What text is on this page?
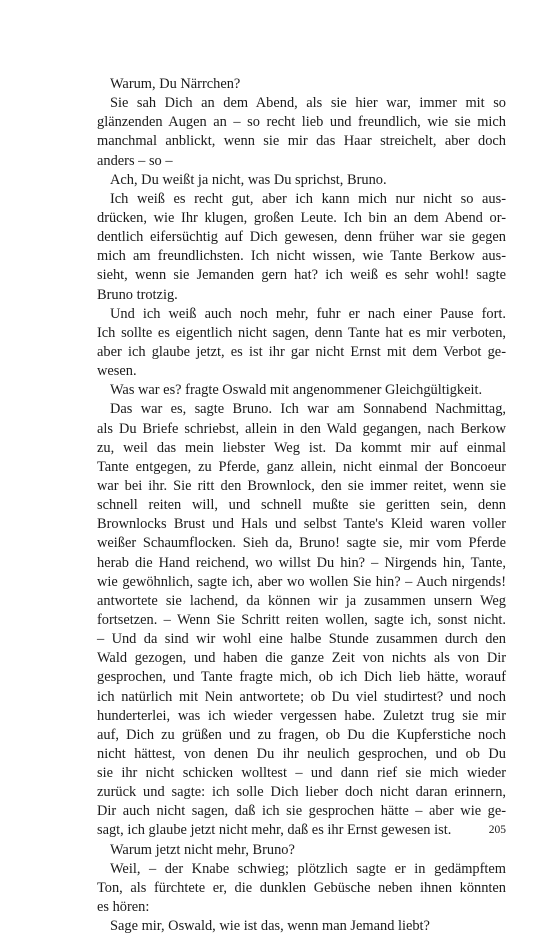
Warum, Du Närrchen?
Sie sah Dich an dem Abend, als sie hier war, immer mit so
glänzenden Augen an – so recht lieb und freundlich, wie sie mich
manchmal anblickt, wenn sie mir das Haar streichelt, aber doch
anders – so –
Ach, Du weißt ja nicht, was Du sprichst, Bruno.
Ich weiß es recht gut, aber ich kann mich nur nicht so aus-
drücken, wie Ihr klugen, großen Leute. Ich bin an dem Abend or-
dentlich eifersüchtig auf Dich gewesen, denn früher war sie gegen
mich am freundlichsten. Ich nicht wissen, wie Tante Berkow aus-
sieht, wenn sie Jemanden gern hat? ich weiß es sehr wohl! sagte
Bruno trotzig.
Und ich weiß auch noch mehr, fuhr er nach einer Pause fort.
Ich sollte es eigentlich nicht sagen, denn Tante hat es mir verboten,
aber ich glaube jetzt, es ist ihr gar nicht Ernst mit dem Verbot ge-
wesen.
Was war es? fragte Oswald mit angenommener Gleichgültigkeit.
Das war es, sagte Bruno. Ich war am Sonnabend Nachmittag,
als Du Briefe schriebst, allein in den Wald gegangen, nach Berkow
zu, weil das mein liebster Weg ist. Da kommt mir auf einmal
Tante entgegen, zu Pferde, ganz allein, nicht einmal der Boncoeur
war bei ihr. Sie ritt den Brownlock, den sie immer reitet, wenn sie
schnell reiten will, und schnell mußte sie geritten sein, denn
Brownlocks Brust und Hals und selbst Tante's Kleid waren voller
weißer Schaumflocken. Sieh da, Bruno! sagte sie, mir vom Pferde
herab die Hand reichend, wo willst Du hin? – Nirgends hin, Tante,
wie gewöhnlich, sagte ich, aber wo wollen Sie hin? – Auch nirgends!
antwortete sie lachend, da können wir ja zusammen unsern Weg
fortsetzen. – Wenn Sie Schritt reiten wollen, sagte ich, sonst nicht.
– Und da sind wir wohl eine halbe Stunde zusammen durch den
Wald gezogen, und haben die ganze Zeit von nichts als von Dir
gesprochen, und Tante fragte mich, ob ich Dich lieb hätte, worauf
ich natürlich mit Nein antwortete; ob Du viel studirtest? und noch
hunderterlei, was ich wieder vergessen habe. Zuletzt trug sie mir
auf, Dich zu grüßen und zu fragen, ob Du die Kupferstiche noch
nicht hättest, von denen Du ihr neulich gesprochen, und ob Du
sie ihr nicht schicken wolltest – und dann rief sie mich wieder
zurück und sagte: ich solle Dich lieber doch nicht daran erinnern,
Dir auch nicht sagen, daß ich sie gesprochen hätte – aber wie ge-
sagt, ich glaube jetzt nicht mehr, daß es ihr Ernst gewesen ist.
Warum jetzt nicht mehr, Bruno?
Weil, – der Knabe schwieg; plötzlich sagte er in gedämpftem
Ton, als fürchtete er, die dunklen Gebüsche neben ihnen könnten
es hören:
Sage mir, Oswald, wie ist das, wenn man Jemand liebt?
205
